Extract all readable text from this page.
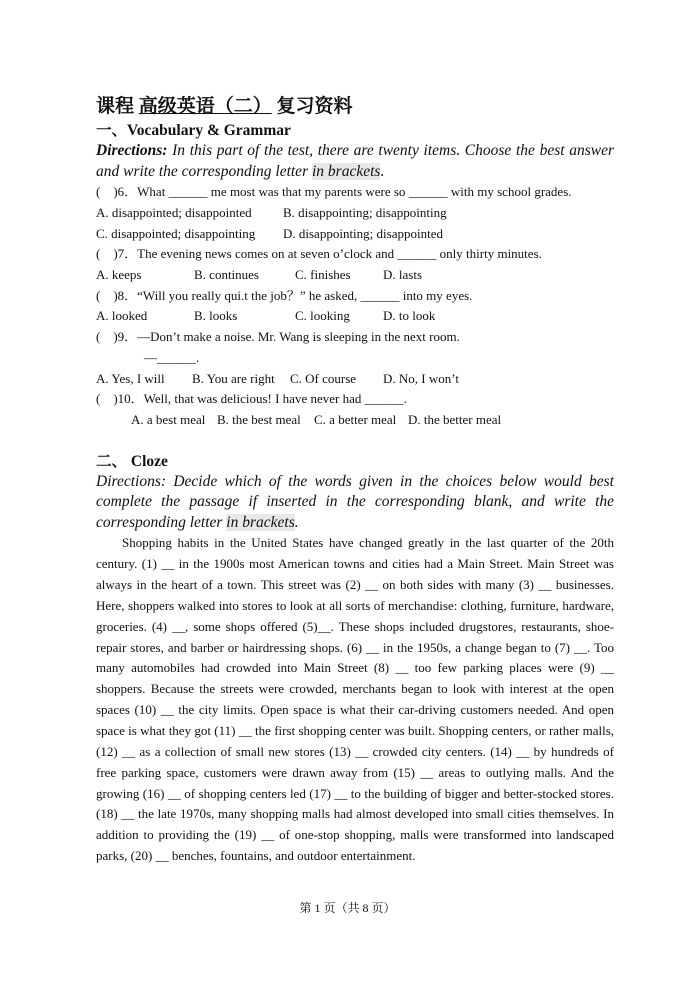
课程 高级英语（二） 复习资料
一、Vocabulary & Grammar
Directions: In this part of the test, there are twenty items. Choose the best answer and write the corresponding letter in brackets.
(    )6．What ______ me most was that my parents were so ______ with my school grades.
A. disappointed; disappointed B. disappointing; disappointing
C. disappointed; disappointing D. disappointing; disappointed
(    )7．The evening news comes on at seven o’clock and ______ only thirty minutes.
A. keeps	B. continues	C. finishes D. lasts
(    )8．“Will you really qui.t the job？” he asked, ______ into my eyes.
A. looked	B. looks	C. looking	D. to look
(    )9．—Don’t make a noise. Mr. Wang is sleeping in the next room.
—______.
A. Yes, I will B. You are right C. Of course D. No, I won’t
(    )10．Well, that was delicious! I have never had ______.
A. a best meal B. the best meal C. a better meal D. the better meal
二、 Cloze
Directions: Decide which of the words given in the choices below would best complete the passage if inserted in the corresponding blank, and write the corresponding letter in brackets.
Shopping habits in the United States have changed greatly in the last quarter of the 20th century. (1) __ in the 1900s most American towns and cities had a Main Street. Main Street was always in the heart of a town. This street was (2) __ on both sides with many (3) __ businesses. Here, shoppers walked into stores to look at all sorts of merchandise: clothing, furniture, hardware, groceries. (4) __, some shops offered (5)__. These shops included drugstores, restaurants, shoe-repair stores, and barber or hairdressing shops. (6) __ in the 1950s, a change began to (7) __. Too many automobiles had crowded into Main Street (8) __ too few parking places were (9) __ shoppers. Because the streets were crowded, merchants began to look with interest at the open spaces (10) __ the city limits. Open space is what their car-driving customers needed. And open space is what they got (11) __ the first shopping center was built. Shopping centers, or rather malls, (12) __ as a collection of small new stores (13) __ crowded city centers. (14) __ by hundreds of free parking space, customers were drawn away from (15) __ areas to outlying malls. And the growing (16) __ of shopping centers led (17) __ to the building of bigger and better-stocked stores. (18) __ the late 1970s, many shopping malls had almost developed into small cities themselves. In addition to providing the (19) __ of one-stop shopping, malls were transformed into landscaped parks, (20) __ benches, fountains, and outdoor entertainment.
第 1 页（共 8 页）
